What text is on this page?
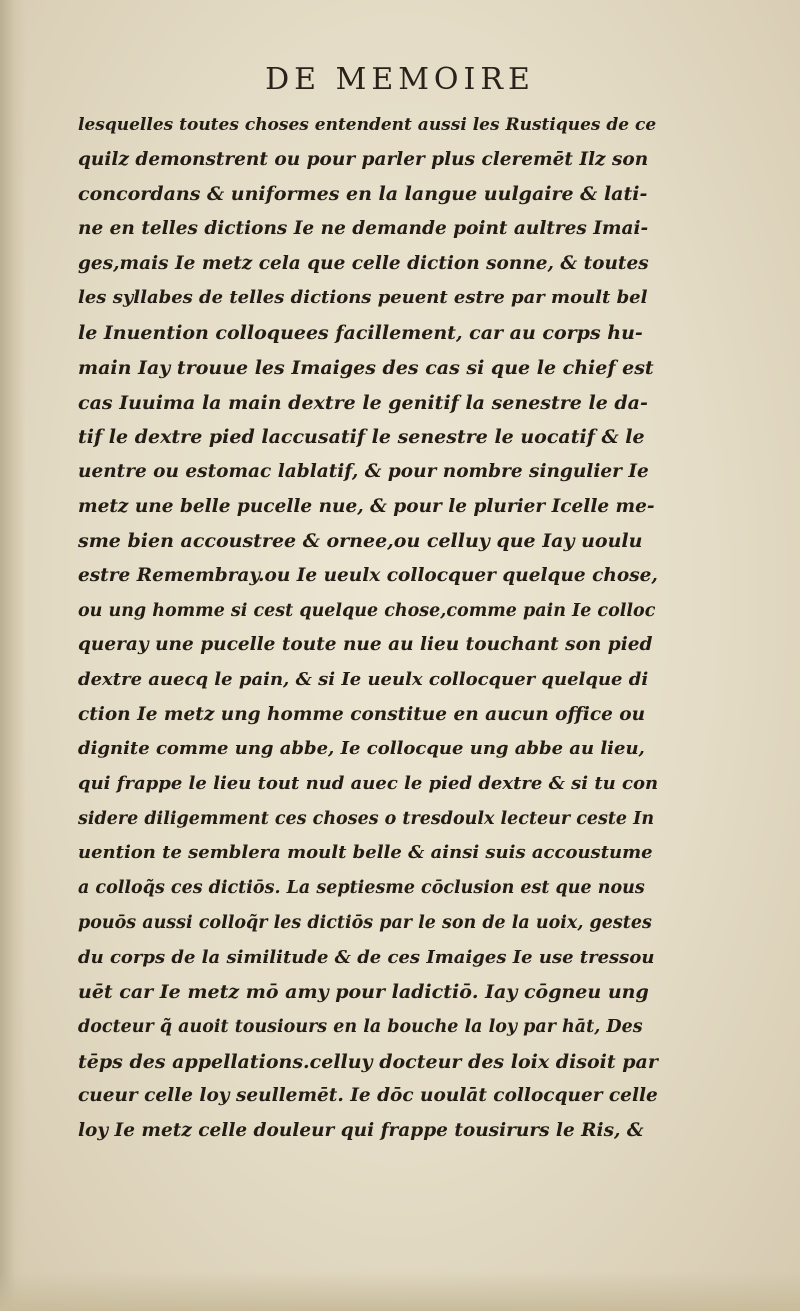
DE MEMOIRE
lesquelles toutes choses entendent aussi les Rustiques de ce
quilz demonstrent ou pour parler plus cleremēt Ilz son
concordans & uniformes en la langue uulgaire & lati-
ne en telles dictions Ie ne demande point aultres Imai-
ges,mais Ie metz cela que celle diction sonne, & toutes
les syllabes de telles dictions peuent estre par moult bel
le Inuention colloquees facillement, car au corps hu-
main Iay trouue les Imaiges des cas si que le chief est
cas Iuuima la main dextre le genitif la senestre le da-
tif le dextre pied laccusatif le senestre le uocatif & le
uentre ou estomac lablatif, & pour nombre singulier Ie
metz une belle pucelle nue, & pour le plurier Icelle me-
sme bien accoustree & ornee,ou celluy que Iay uoulu
estre Remembray.ou Ie ueulx collocquer quelque chose,
ou ung homme si cest quelque chose,comme pain Ie colloc
queray une pucelle toute nue au lieu touchant son pied
dextre auecq le pain, & si Ie ueulx collocquer quelque di
ction Ie metz ung homme constitue en aucun office ou
dignite comme ung abbe, Ie collocque ung abbe au lieu,
qui frappe le lieu tout nud auec le pied dextre & si tu con
sidere diligemment ces choses o tresdoulx lecteur ceste In
uention te semblera moult belle & ainsi suis accoustume
a colloq̃s ces dictiōs. La septiesme cōclusion est que nous
pouōs aussi colloq̃r les dictiōs par le son de la uoix, gestes
du corps de la similitude & de ces Imaiges Ie use tressou
uēt car Ie metz mō amy pour ladictiō. Iay cōgneu ung
docteur q̃ auoit tousiours en la bouche la loy par hāt, Des
tēps des appellations.celluy docteur des loix disoit par
cueur celle loy seullemēt. Ie dōc uoulāt collocquer celle
loy Ie metz celle douleur qui frappe tousirurs le Ris, &
